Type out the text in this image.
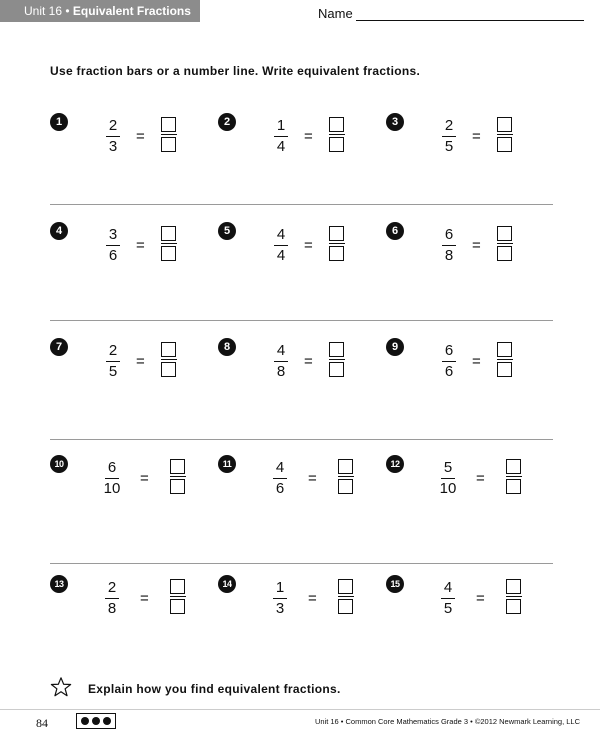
Unit 16 • Equivalent Fractions	Name
Use fraction bars or a number line. Write equivalent fractions.
1	2
3
=
2	1
4
=
3	2
5
=
4	3
6
=
5	4
4
=
6	6
8
=
7	2
5
=
8	4
8
=
9	6
6
=
10	6
10
=
11	4
6
=
12	5
10
=
13	2
8
=
14	1
3
=
15	4
5
=
Explain how you find equivalent fractions.
84	Unit 16 • Common Core Mathematics Grade 3 • ©2012 Newmark Learning, LLC
